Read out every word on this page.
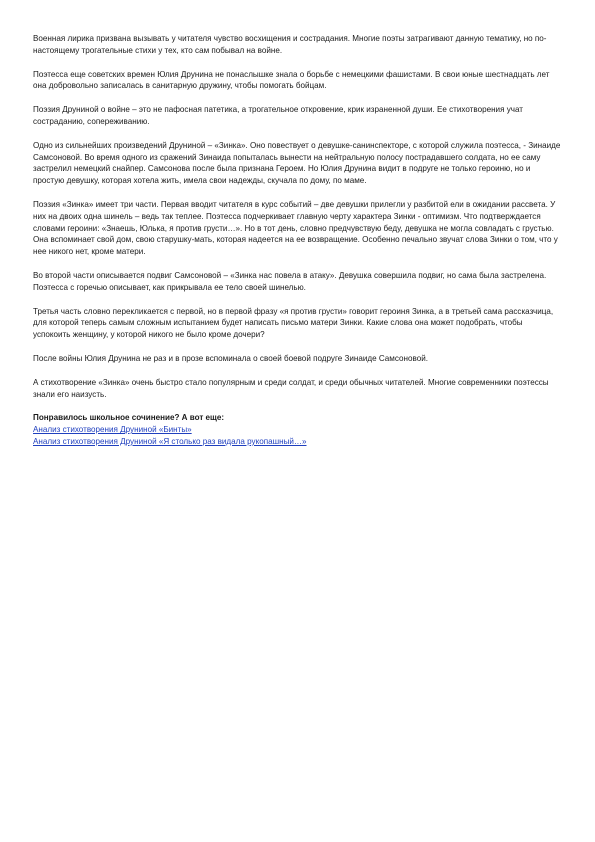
Военная лирика призвана вызывать у читателя чувство восхищения и сострадания. Многие поэты затрагивают данную тематику, но по-настоящему трогательные стихи у тех, кто сам побывал на войне.

Поэтесса еще советских времен Юлия Друнина не понаслышке знала о борьбе с немецкими фашистами. В свои юные шестнадцать лет она добровольно записалась в санитарную дружину, чтобы помогать бойцам.

Поэзия Друниной о войне – это не пафосная патетика, а трогательное откровение, крик израненной души. Ее стихотворения учат состраданию, сопереживанию.

Одно из сильнейших произведений Друниной – «Зинка». Оно повествует о девушке-санинспекторе, с которой служила поэтесса, - Зинаиде Самсоновой. Во время одного из сражений Зинаида попыталась вынести на нейтральную полосу пострадавшего солдата, но ее саму застрелил немецкий снайпер. Самсонова после была признана Героем. Но Юлия Друнина видит в подруге не только героиню, но и простую девушку, которая хотела жить, имела свои надежды, скучала по дому, по маме.

Поэзия «Зинка» имеет три части. Первая вводит читателя в курс событий – две девушки прилегли у разбитой ели в ожидании рассвета. У них на двоих одна шинель – ведь так теплее. Поэтесса подчеркивает главную черту характера Зинки - оптимизм. Что подтверждается словами героини: «Знаешь, Юлька, я против грусти…». Но в тот день, словно предчувствую беду, девушка не могла совладать с грустью. Она вспоминает свой дом, свою старушку-мать, которая надеется на ее возвращение. Особенно печально звучат слова Зинки о том, что у нее никого нет, кроме матери.

Во второй части описывается подвиг Самсоновой – «Зинка нас повела в атаку». Девушка совершила подвиг, но сама была застрелена. Поэтесса с горечью описывает, как прикрывала ее тело своей шинелью.

Третья часть словно перекликается с первой, но в первой фразу «я против грусти» говорит героиня Зинка, а в третьей сама рассказчица, для которой теперь самым сложным испытанием будет написать письмо матери Зинки. Какие слова она может подобрать, чтобы успокоить женщину, у которой никого не было кроме дочери?

После войны Юлия Друнина не раз и в прозе вспоминала о своей боевой подруге Зинаиде Самсоновой.

А стихотворение «Зинка» очень быстро стало популярным и среди солдат, и среди обычных читателей. Многие современники поэтессы знали его наизусть.

Понравилось школьное сочинение? А вот еще:

Анализ стихотворения Друниной «Бинты»
Анализ стихотворения Друниной «Я столько раз видала рукопашный…»
